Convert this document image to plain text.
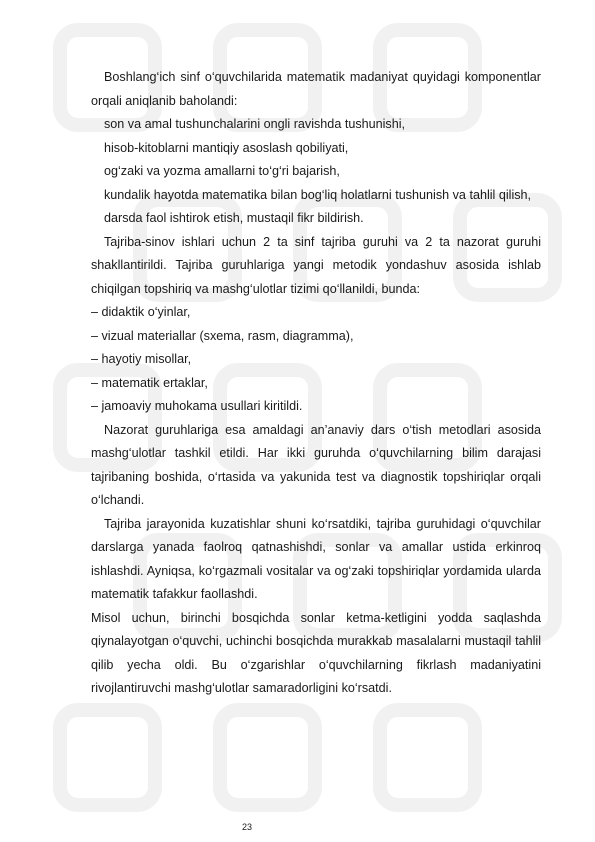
Boshlang‘ich sinf o‘quvchilarida matematik madaniyat quyidagi komponentlar orqali aniqlanib baholandi:

son va amal tushunchalarini ongli ravishda tushunishi,

hisob-kitoblarni mantiqiy asoslash qobiliyati,

og‘zaki va yozma amallarni to‘g‘ri bajarish,

kundalik hayotda matematika bilan bog‘liq holatlarni tushunish va tahlil qilish,

darsda faol ishtirok etish, mustaqil fikr bildirish.

Tajriba-sinov ishlari uchun 2 ta sinf tajriba guruhi va 2 ta nazorat guruhi shakllantirildi. Tajriba guruhlariga yangi metodik yondashuv asosida ishlab chiqilgan topshiriq va mashg‘ulotlar tizimi qo‘llanildi, bunda:

– didaktik o‘yinlar,

– vizual materiallar (sxema, rasm, diagramma),

– hayotiy misollar,

– matematik ertaklar,

– jamoaviy muhokama usullari kiritildi.

Nazorat guruhlariga esa amaldagi an’anaviy dars o‘tish metodlari asosida mashg‘ulotlar tashkil etildi. Har ikki guruhda o‘quvchilarning bilim darajasi tajribaning boshida, o‘rtasida va yakunida test va diagnostik topshiriqlar orqali o‘lchandi.

Tajriba jarayonida kuzatishlar shuni ko‘rsatdiki, tajriba guruhidagi o‘quvchilar darslarga yanada faolroq qatnashishdi, sonlar va amallar ustida erkinroq ishlashdi. Ayniqsa, ko‘rgazmali vositalar va og‘zaki topshiriqlar yordamida ularda matematik tafakkur faollashdi.

Misol uchun, birinchi bosqichda sonlar ketma-ketligini yodda saqlashda qiynalayotgan o‘quvchi, uchinchi bosqichda murakkab masalalarni mustaqil tahlil qilib yecha oldi. Bu o‘zgarishlar o‘quvchilarning fikrlash madaniyatini rivojlantiruvchi mashg‘ulotlar samaradorligini ko‘rsatdi.

23
